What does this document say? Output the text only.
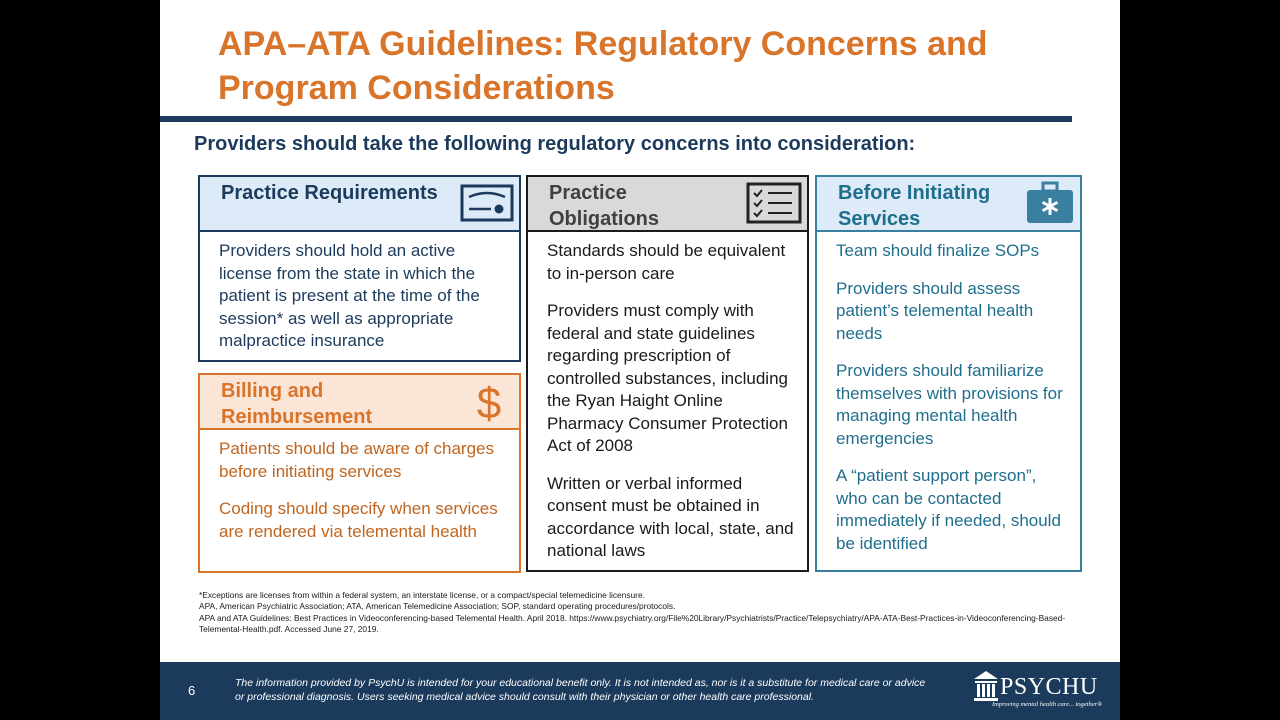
APA–ATA Guidelines: Regulatory Concerns and Program Considerations

Providers should take the following regulatory concerns into consideration:

Practice Requirements

Providers should hold an active license from the state in which the patient is present at the time of the session* as well as appropriate malpractice insurance

Billing and Reimbursement	$

Patients should be aware of charges before initiating services

Coding should specify when services are rendered via telemental health

Practice Obligations

Standards should be equivalent to in-person care

Providers must comply with federal and state guidelines regarding prescription of controlled substances, including the Ryan Haight Online Pharmacy Consumer Protection Act of 2008

Written or verbal informed consent must be obtained in accordance with local, state, and national laws

Before Initiating Services

Team should finalize SOPs

Providers should assess patient’s telemental health needs

Providers should familiarize themselves with provisions for managing mental health emergencies

A “patient support person”, who can be contacted immediately if needed, should be identified

*Exceptions are licenses from within a federal system, an interstate license, or a compact/special telemedicine licensure.
APA, American Psychiatric Association; ATA, American Telemedicine Association; SOP, standard operating procedures/protocols.
APA and ATA Guidelines: Best Practices in Videoconferencing-based Telemental Health. April 2018. https://www.psychiatry.org/File%20Library/Psychiatrists/Practice/Telepsychiatry/APA-ATA-Best-Practices-in-Videoconferencing-Based-Telemental-Health.pdf. Accessed June 27, 2019.
6	The information provided by PsychU is intended for your educational benefit only. It is not intended as, nor is it a substitute for medical care or advice or professional diagnosis. Users seeking medical advice should consult with their physician or other health care professional.	PSYCHU
Improving mental health care... together®
